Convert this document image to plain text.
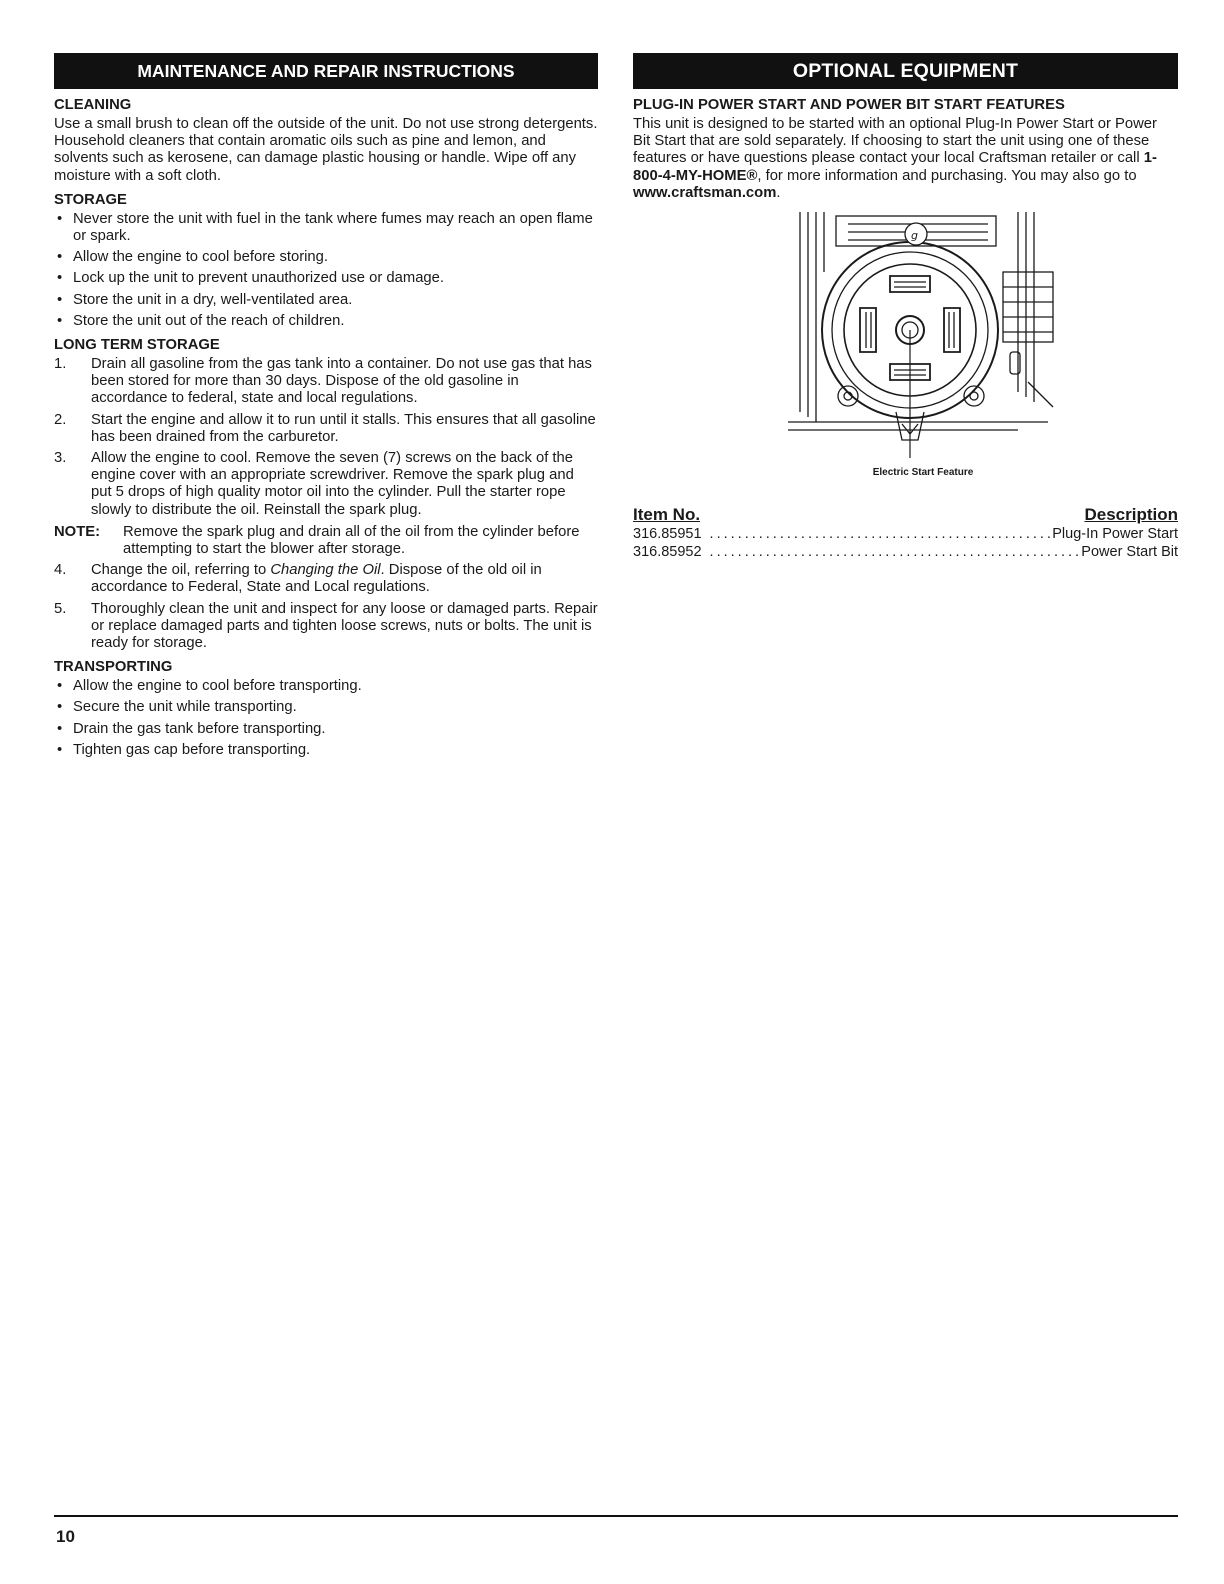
MAINTENANCE AND REPAIR INSTRUCTIONS
CLEANING
Use a small brush to clean off the outside of the unit. Do not use strong detergents. Household cleaners that contain aromatic oils such as pine and lemon, and solvents such as kerosene, can damage plastic housing or handle. Wipe off any moisture with a soft cloth.
STORAGE
• Never store the unit with fuel in the tank where fumes may reach an open flame or spark.
• Allow the engine to cool before storing.
• Lock up the unit to prevent unauthorized use or damage.
• Store the unit in a dry, well-ventilated area.
• Store the unit out of the reach of children.
LONG TERM STORAGE
1.	Drain all gasoline from the gas tank into a container. Do not use gas that has been stored for more than 30 days. Dispose of the old gasoline in accordance to federal, state and local regulations.
2.	Start the engine and allow it to run until it stalls. This ensures that all gasoline has been drained from the carburetor.
3.	Allow the engine to cool. Remove the seven (7) screws on the back of the engine cover with an appropriate screwdriver. Remove the spark plug and put 5 drops of high quality motor oil into the cylinder. Pull the starter rope slowly to distribute the oil. Reinstall the spark plug.
NOTE:	Remove the spark plug and drain all of the oil from the cylinder before attempting to start the blower after storage.
4.	Change the oil, referring to Changing the Oil. Dispose of the old oil in accordance to Federal, State and Local regulations.
5.	Thoroughly clean the unit and inspect for any loose or damaged parts. Repair or replace damaged parts and tighten loose screws, nuts or bolts. The unit is ready for storage.
TRANSPORTING
• Allow the engine to cool before transporting.
• Secure the unit while transporting.
• Drain the gas tank before transporting.
• Tighten gas cap before transporting.
OPTIONAL EQUIPMENT
PLUG-IN POWER START AND POWER BIT START FEATURES
This unit is designed to be started with an optional Plug-In Power Start or Power Bit Start that are sold separately. If choosing to start the unit using one of these features or have questions please contact your local Craftsman retailer or call 1-800-4-MY-HOME®, for more information and purchasing. You may also go to www.craftsman.com.
g
Electric Start Feature
Item No.	Description
316.85951 .....	Plug-In Power Start
316.85952 .....	Power Start Bit
10
